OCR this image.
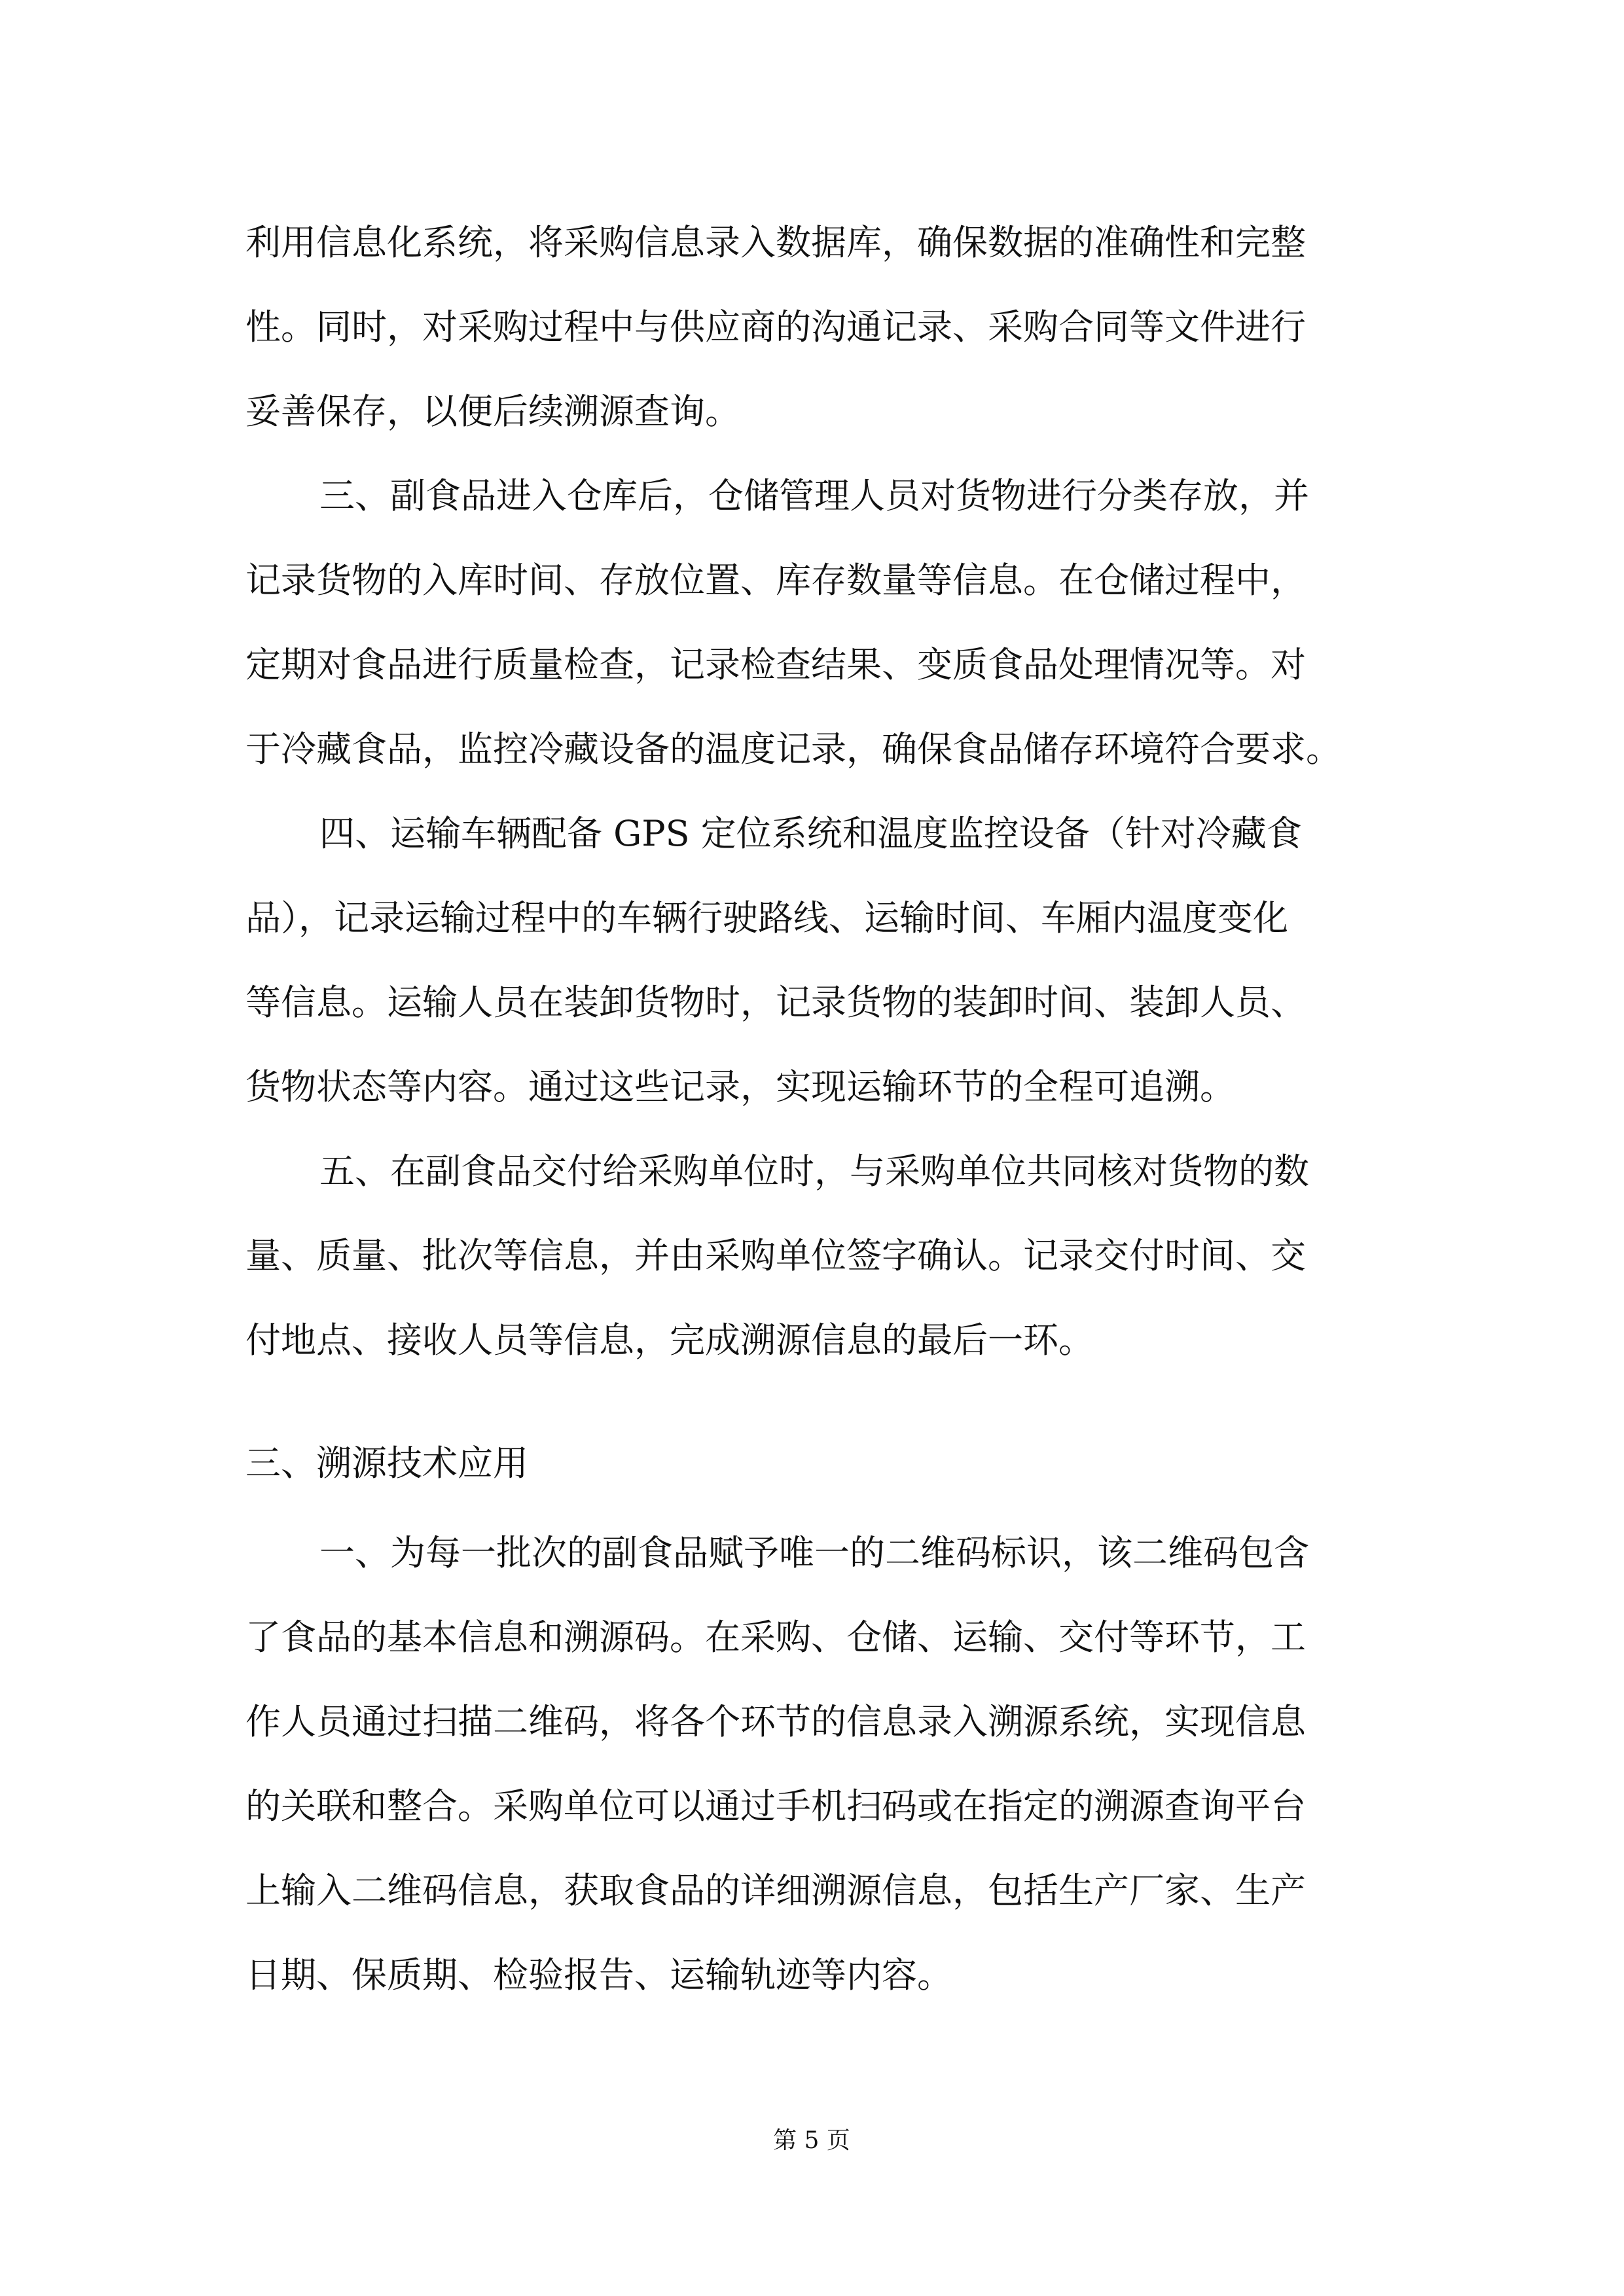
利用信息化系统，将采购信息录入数据库，确保数据的准确性和完整
性。同时，对采购过程中与供应商的沟通记录、采购合同等文件进行
妥善保存，以便后续溯源查询。
三、副食品进入仓库后，仓储管理人员对货物进行分类存放，并
记录货物的入库时间、存放位置、库存数量等信息。在仓储过程中，
定期对食品进行质量检查，记录检查结果、变质食品处理情况等。对
于冷藏食品，监控冷藏设备的温度记录，确保食品储存环境符合要求。
四、运输车辆配备 GPS 定位系统和温度监控设备（针对冷藏食
品），记录运输过程中的车辆行驶路线、运输时间、车厢内温度变化
等信息。运输人员在装卸货物时，记录货物的装卸时间、装卸人员、
货物状态等内容。通过这些记录，实现运输环节的全程可追溯。
五、在副食品交付给采购单位时，与采购单位共同核对货物的数
量、质量、批次等信息，并由采购单位签字确认。记录交付时间、交
付地点、接收人员等信息，完成溯源信息的最后一环。
三、溯源技术应用
一、为每一批次的副食品赋予唯一的二维码标识，该二维码包含
了食品的基本信息和溯源码。在采购、仓储、运输、交付等环节，工
作人员通过扫描二维码，将各个环节的信息录入溯源系统，实现信息
的关联和整合。采购单位可以通过手机扫码或在指定的溯源查询平台
上输入二维码信息，获取食品的详细溯源信息，包括生产厂家、生产
日期、保质期、检验报告、运输轨迹等内容。
第 5 页
